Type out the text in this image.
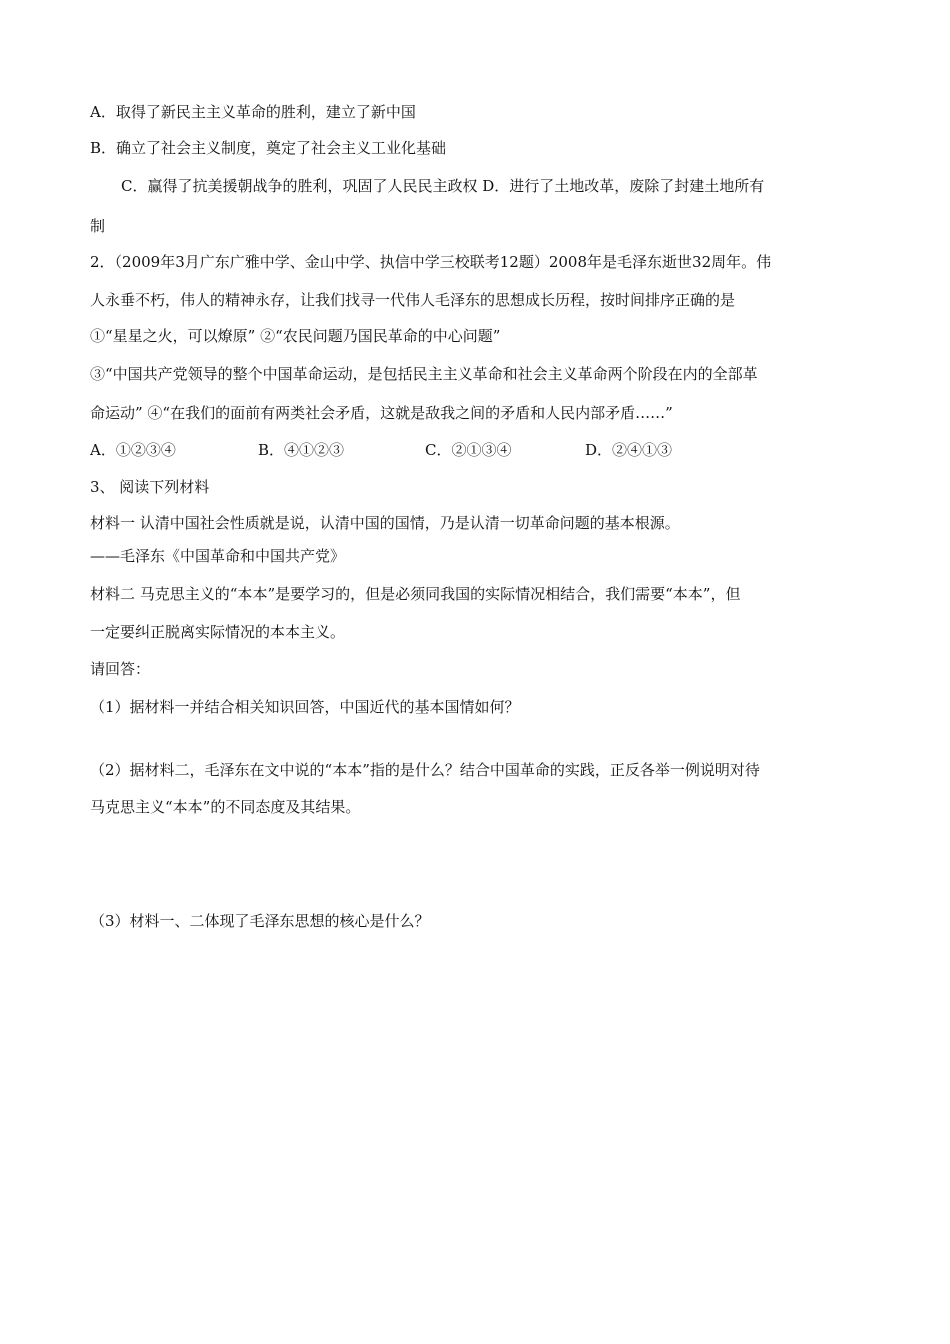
A．取得了新民主主义革命的胜利，建立了新中国
B．确立了社会主义制度，奠定了社会主义工业化基础
C．赢得了抗美援朝战争的胜利，巩固了人民民主政权 D．进行了土地改革，废除了封建土地所有
制
2．（2009年3月广东广雅中学、金山中学、执信中学三校联考12题）2008年是毛泽东逝世32周年。伟
人永垂不朽，伟人的精神永存，让我们找寻一代伟人毛泽东的思想成长历程，按时间排序正确的是
①“星星之火，可以燎原” ②“农民问题乃国民革命的中心问题”
③“中国共产党领导的整个中国革命运动，是包括民主主义革命和社会主义革命两个阶段在内的全部革
命运动” ④“在我们的面前有两类社会矛盾，这就是敌我之间的矛盾和人民内部矛盾……”
A．①②③④	B．④①②③	C．②①③④	D．②④①③
3、 阅读下列材料
材料一 认清中国社会性质就是说，认清中国的国情，乃是认清一切革命问题的基本根源。
——毛泽东《中国革命和中国共产党》
材料二 马克思主义的“本本”是要学习的，但是必须同我国的实际情况相结合，我们需要“本本”，但
一定要纠正脱离实际情况的本本主义。
请回答：
（1）据材料一并结合相关知识回答，中国近代的基本国情如何？
（2）据材料二，毛泽东在文中说的“本本”指的是什么？结合中国革命的实践，正反各举一例说明对待
马克思主义“本本”的不同态度及其结果。
（3）材料一、二体现了毛泽东思想的核心是什么？
